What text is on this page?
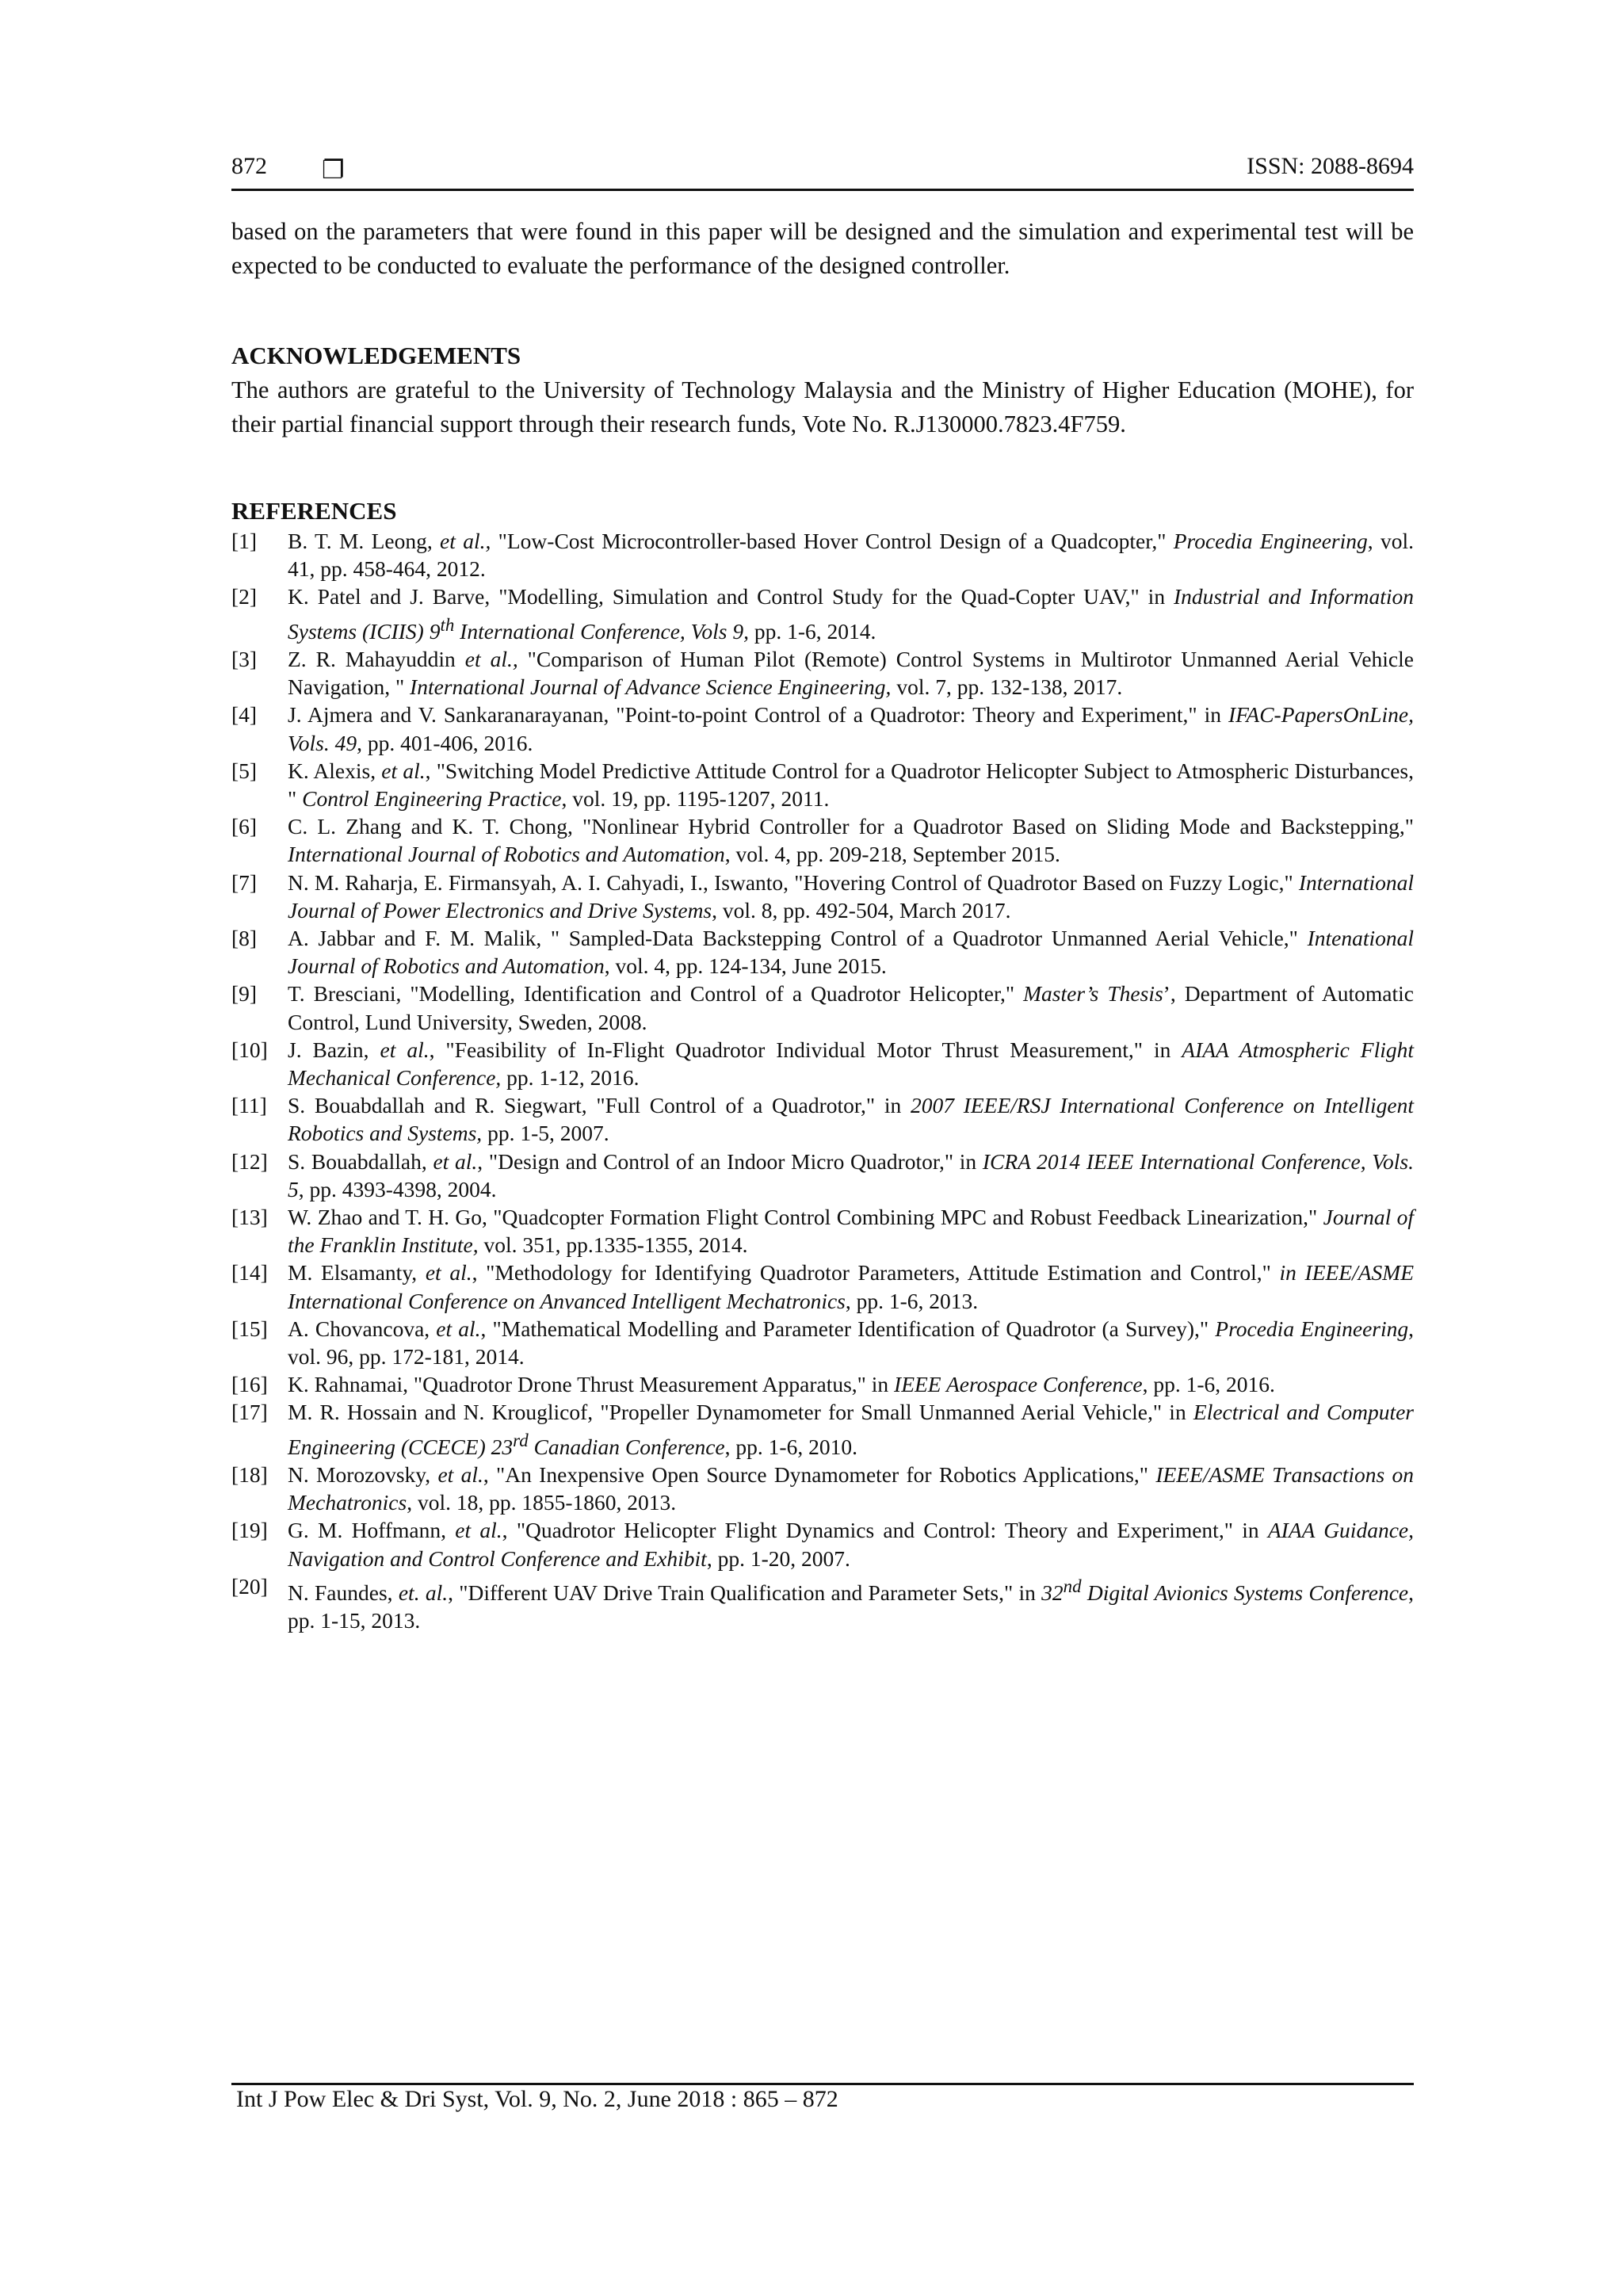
872 ❐	ISSN: 2088-8694

based on the parameters that were found in this paper will be designed and the simulation and experimental test will be expected to be conducted to evaluate the performance of the designed controller.

ACKNOWLEDGEMENTS

The authors are grateful to the University of Technology Malaysia and the Ministry of Higher Education (MOHE), for their partial financial support through their research funds, Vote No. R.J130000.7823.4F759.

REFERENCES
[1] B. T. M. Leong, et al., "Low-Cost Microcontroller-based Hover Control Design of a Quadcopter," Procedia Engineering, vol. 41, pp. 458-464, 2012.
[2] K. Patel and J. Barve, "Modelling, Simulation and Control Study for the Quad-Copter UAV," in Industrial and Information Systems (ICIIS) 9th International Conference, Vols 9, pp. 1-6, 2014.
[3] Z. R. Mahayuddin et al., "Comparison of Human Pilot (Remote) Control Systems in Multirotor Unmanned Aerial Vehicle Navigation, " International Journal of Advance Science Engineering, vol. 7, pp. 132-138, 2017.
[4] J. Ajmera and V. Sankaranarayanan, "Point-to-point Control of a Quadrotor: Theory and Experiment," in IFAC-PapersOnLine, Vols. 49, pp. 401-406, 2016.
[5] K. Alexis, et al., "Switching Model Predictive Attitude Control for a Quadrotor Helicopter Subject to Atmospheric Disturbances, " Control Engineering Practice, vol. 19, pp. 1195-1207, 2011.
[6] C. L. Zhang and K. T. Chong, "Nonlinear Hybrid Controller for a Quadrotor Based on Sliding Mode and Backstepping," International Journal of Robotics and Automation, vol. 4, pp. 209-218, September 2015.
[7] N. M. Raharja, E. Firmansyah, A. I. Cahyadi, I., Iswanto, "Hovering Control of Quadrotor Based on Fuzzy Logic," International Journal of Power Electronics and Drive Systems, vol. 8, pp. 492-504, March 2017.
[8] A. Jabbar and F. M. Malik, " Sampled-Data Backstepping Control of a Quadrotor Unmanned Aerial Vehicle," Intenational Journal of Robotics and Automation, vol. 4, pp. 124-134, June 2015.
[9] T. Bresciani, "Modelling, Identification and Control of a Quadrotor Helicopter," Master’s Thesis’, Department of Automatic Control, Lund University, Sweden, 2008.
[10] J. Bazin, et al., "Feasibility of In-Flight Quadrotor Individual Motor Thrust Measurement," in AIAA Atmospheric Flight Mechanical Conference, pp. 1-12, 2016.
[11] S. Bouabdallah and R. Siegwart, "Full Control of a Quadrotor," in 2007 IEEE/RSJ International Conference on Intelligent Robotics and Systems, pp. 1-5, 2007.
[12] S. Bouabdallah, et al., "Design and Control of an Indoor Micro Quadrotor," in ICRA 2014 IEEE International Conference, Vols. 5, pp. 4393-4398, 2004.
[13] W. Zhao and T. H. Go, "Quadcopter Formation Flight Control Combining MPC and Robust Feedback Linearization," Journal of the Franklin Institute, vol. 351, pp.1335-1355, 2014.
[14] M. Elsamanty, et al., "Methodology for Identifying Quadrotor Parameters, Attitude Estimation and Control," in IEEE/ASME International Conference on Anvanced Intelligent Mechatronics, pp. 1-6, 2013.
[15] A. Chovancova, et al., "Mathematical Modelling and Parameter Identification of Quadrotor (a Survey)," Procedia Engineering, vol. 96, pp. 172-181, 2014.
[16] K. Rahnamai, "Quadrotor Drone Thrust Measurement Apparatus," in IEEE Aerospace Conference, pp. 1-6, 2016.
[17] M. R. Hossain and N. Krouglicof, "Propeller Dynamometer for Small Unmanned Aerial Vehicle," in Electrical and Computer Engineering (CCECE) 23rd Canadian Conference, pp. 1-6, 2010.
[18] N. Morozovsky, et al., "An Inexpensive Open Source Dynamometer for Robotics Applications," IEEE/ASME Transactions on Mechatronics, vol. 18, pp. 1855-1860, 2013.
[19] G. M. Hoffmann, et al., "Quadrotor Helicopter Flight Dynamics and Control: Theory and Experiment," in AIAA Guidance, Navigation and Control Conference and Exhibit, pp. 1-20, 2007.
[20] N. Faundes, et. al., "Different UAV Drive Train Qualification and Parameter Sets," in 32nd Digital Avionics Systems Conference, pp. 1-15, 2013.
Int J Pow Elec & Dri Syst, Vol. 9, No. 2, June 2018 : 865 – 872
